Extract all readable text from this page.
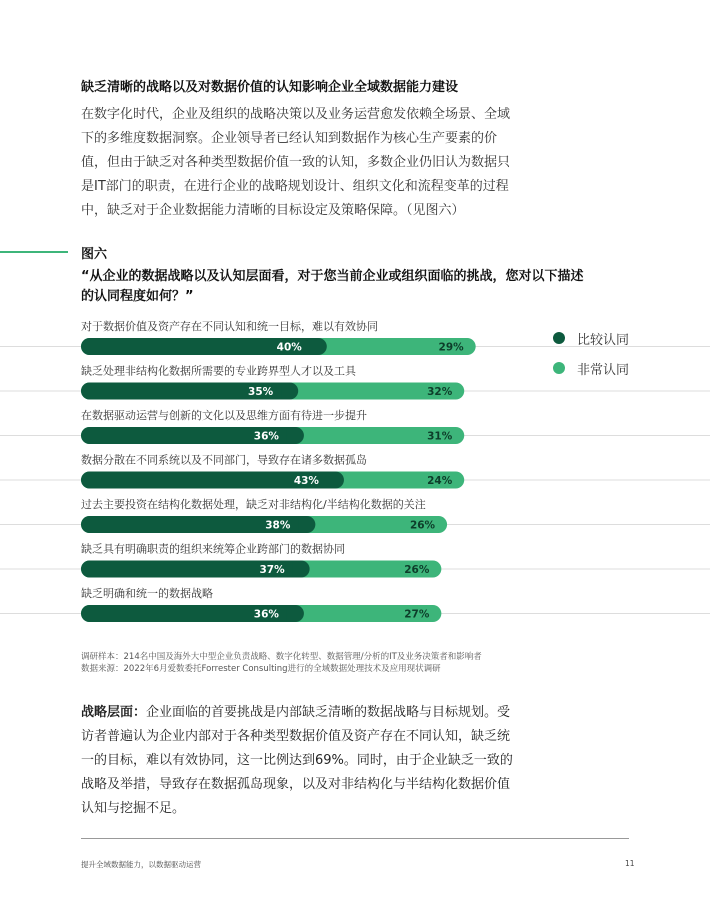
缺乏清晰的战略以及对数据价值的认知影响企业全域数据能力建设
在数字化时代，企业及组织的战略决策以及业务运营愈发依赖全场景、全域
下的多维度数据洞察。企业领导者已经认知到数据作为核心生产要素的价
值，但由于缺乏对各种类型数据价值一致的认知，多数企业仍旧认为数据只
是IT部门的职责，在进行企业的战略规划设计、组织文化和流程变革的过程
中，缺乏对于企业数据能力清晰的目标设定及策略保障。（见图六）
图六
“从企业的数据战略以及认知层面看，对于您当前企业或组织面临的挑战，您对以下描述
的认同程度如何？”
对于数据价值及资产存在不同认知和统一目标，难以有效协同
40%	29%
缺乏处理非结构化数据所需要的专业跨界型人才以及工具
35%	32%
在数据驱动运营与创新的文化以及思维方面有待进一步提升
36%	31%
数据分散在不同系统以及不同部门，导致存在诸多数据孤岛
43%	24%
过去主要投资在结构化数据处理，缺乏对非结构化/半结构化数据的关注
38%	26%
缺乏具有明确职责的组织来统筹企业跨部门的数据协同
37%	26%
缺乏明确和统一的数据战略
36%	27%
比较认同
非常认同
调研样本：214名中国及海外大中型企业负责战略、数字化转型、数据管理/分析的IT及业务决策者和影响者
数据来源：2022年6月爱数委托Forrester Consulting进行的全域数据处理技术及应用现状调研
战略层面：企业面临的首要挑战是内部缺乏清晰的数据战略与目标规划。受
访者普遍认为企业内部对于各种类型数据价值及资产存在不同认知，缺乏统
一的目标，难以有效协同，这一比例达到69%。同时，由于企业缺乏一致的
战略及举措，导致存在数据孤岛现象，以及对非结构化与半结构化数据价值
认知与挖掘不足。
提升全域数据能力，以数据驱动运营	11
